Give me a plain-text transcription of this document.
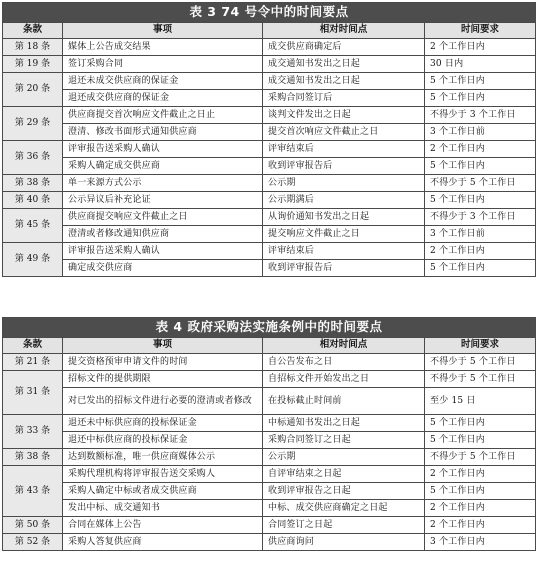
表 3 74 号令中的时间要点			
条款	事项	相对时间点	时间要求
第 18 条	媒体上公告成交结果	成交供应商确定后	2 个工作日内
第 19 条	签订采购合同	成交通知书发出之日起	30 日内
第 20 条	退还未成交供应商的保证金	成交通知书发出之日起	5 个工作日内
	退还成交供应商的保证金	采购合同签订后	5 个工作日内
第 29 条	供应商提交首次响应文件截止之日止	谈判文件发出之日起	不得少于 3 个工作日
	澄清、修改书面形式通知供应商	提交首次响应文件截止之日	3 个工作日前
第 36 条	评审报告送采购人确认	评审结束后	2 个工作日内
	采购人确定成交供应商	收到评审报告后	5 个工作日内
第 38 条	单一来源方式公示	公示期	不得少于 5 个工作日
第 40 条	公示异议后补充论证	公示期满后	5 个工作日内
第 45 条	供应商提交响应文件截止之日	从询价通知书发出之日起	不得少于 3 个工作日
	澄清或者修改通知供应商	提交响应文件截止之日	3 个工作日前
第 49 条	评审报告送采购人确认	评审结束后	2 个工作日内
	确定成交供应商	收到评审报告后	5 个工作日内
表 4 政府采购法实施条例中的时间要点			
条款	事项	相对时间点	时间要求
第 21 条	提交资格预审申请文件的时间	自公告发布之日	不得少于 5 个工作日
第 31 条	招标文件的提供期限	自招标文件开始发出之日	不得少于 5 个工作日
	对已发出的招标文件进行必要的澄清或者修改	在投标截止时间前	至少 15 日
第 33 条	退还未中标供应商的投标保证金	中标通知书发出之日起	5 个工作日内
	退还中标供应商的投标保证金	采购合同签订之日起	5 个工作日内
第 38 条	达到数额标准，唯一供应商媒体公示	公示期	不得少于 5 个工作日
第 43 条	采购代理机构将评审报告送交采购人	自评审结束之日起	2 个工作日内
	采购人确定中标或者成交供应商	收到评审报告之日起	5 个工作日内
	发出中标、成交通知书	中标、成交供应商确定之日起	2 个工作日内
第 50 条	合同在媒体上公告	合同签订之日起	2 个工作日内
第 52 条	采购人答复供应商	供应商询问	3 个工作日内
